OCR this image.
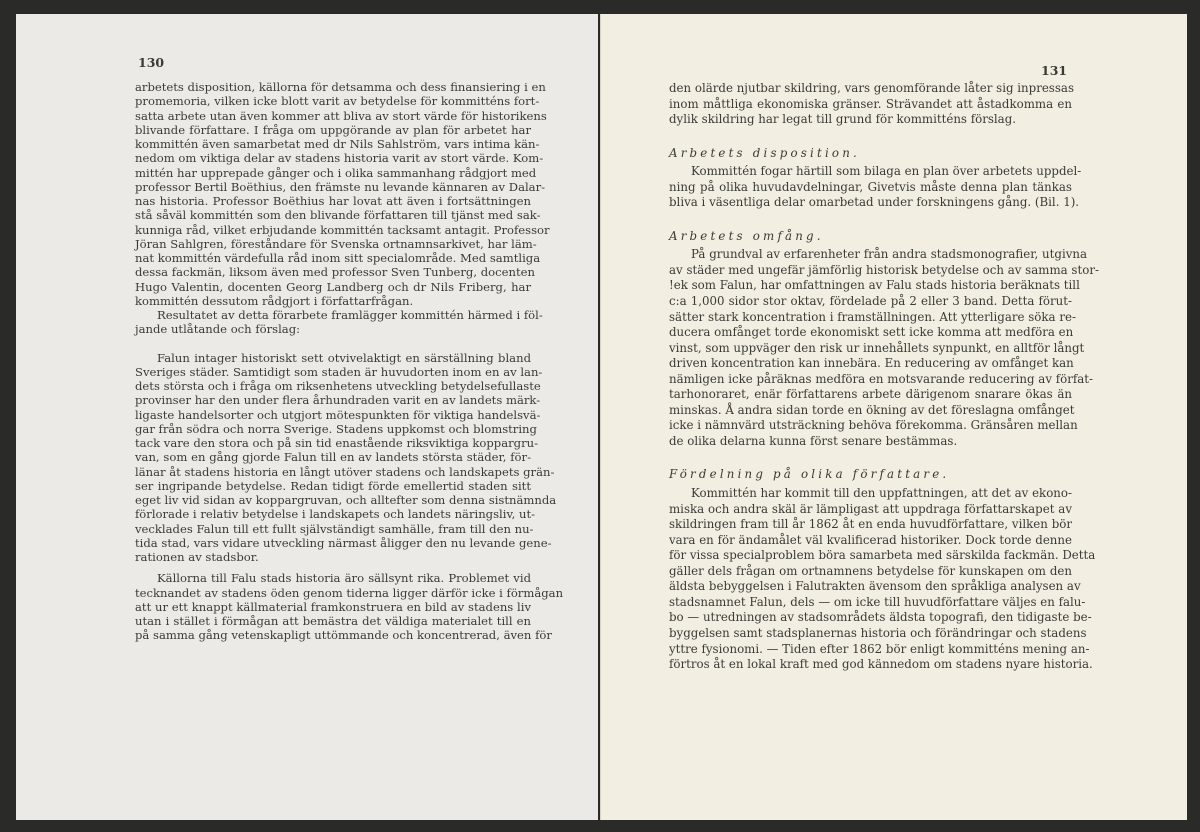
130
arbetets disposition, källorna för detsamma och dess finansiering i en
promemoria, vilken icke blott varit av betydelse för kommitténs fort-
satta arbete utan även kommer att bliva av stort värde för historikens
blivande författare. I fråga om uppgörande av plan för arbetet har
kommittén även samarbetat med dr Nils Sahlström, vars intima kän-
nedom om viktiga delar av stadens historia varit av stort värde. Kom-
mittén har upprepade gånger och i olika sammanhang rådgjort med
professor Bertil Boëthius, den främste nu levande kännaren av Dalar-
nas historia. Professor Boëthius har lovat att även i fortsättningen
stå såväl kommittén som den blivande författaren till tjänst med sak-
kunniga råd, vilket erbjudande kommittén tacksamt antagit. Professor
Jöran Sahlgren, föreståndare för Svenska ortnamnsarkivet, har läm-
nat kommittén värdefulla råd inom sitt specialområde. Med samtliga
dessa fackmän, liksom även med professor Sven Tunberg, docenten
Hugo Valentin, docenten Georg Landberg och dr Nils Friberg, har
kommittén dessutom rådgjort i författarfrågan.
Resultatet av detta förarbete framlägger kommittén härmed i föl-
jande utlåtande och förslag:
Falun intager historiskt sett otvivelaktigt en särställning bland
Sveriges städer. Samtidigt som staden är huvudorten inom en av lan-
dets största och i fråga om riksenhetens utveckling betydelsefullaste
provinser har den under flera århundraden varit en av landets märk-
ligaste handelsorter och utgjort mötespunkten för viktiga handelsvä-
gar från södra och norra Sverige. Stadens uppkomst och blomstring
tack vare den stora och på sin tid enastående riksviktiga koppargru-
van, som en gång gjorde Falun till en av landets största städer, för-
länar åt stadens historia en långt utöver stadens och landskapets grän-
ser ingripande betydelse. Redan tidigt förde emellertid staden sitt
eget liv vid sidan av koppargruvan, och alltefter som denna sistnämnda
förlorade i relativ betydelse i landskapets och landets näringsliv, ut-
vecklades Falun till ett fullt självständigt samhälle, fram till den nu-
tida stad, vars vidare utveckling närmast åligger den nu levande gene-
rationen av stadsbor.
Källorna till Falu stads historia äro sällsynt rika. Problemet vid
tecknandet av stadens öden genom tiderna ligger därför icke i förmågan
att ur ett knappt källmaterial framkonstruera en bild av stadens liv
utan i stället i förmågan att bemästra det väldiga materialet till en
på samma gång vetenskapligt uttömmande och koncentrerad, även för
131
den olärde njutbar skildring, vars genomförande låter sig inpressas
inom måttliga ekonomiska gränser. Strävandet att åstadkomma en
dylik skildring har legat till grund för kommitténs förslag.
Arbetets disposition.
Kommittén fogar härtill som bilaga en plan över arbetets uppdel-
ning på olika huvudavdelningar, Givetvis måste denna plan tänkas
bliva i väsentliga delar omarbetad under forskningens gång. (Bil. 1).
Arbetets omfång.
På grundval av erfarenheter från andra stadsmonografier, utgivna
av städer med ungefär jämförlig historisk betydelse och av samma stor-
!ek som Falun, har omfattningen av Falu stads historia beräknats till
c:a 1,000 sidor stor oktav, fördelade på 2 eller 3 band. Detta förut-
sätter stark koncentration i framställningen. Att ytterligare söka re-
ducera omfånget torde ekonomiskt sett icke komma att medföra en
vinst, som uppväger den risk ur innehållets synpunkt, en alltför långt
driven koncentration kan innebära. En reducering av omfånget kan
nämligen icke påräknas medföra en motsvarande reducering av förfat-
tarhonoraret, enär författarens arbete därigenom snarare ökas än
minskas. Å andra sidan torde en ökning av det föreslagna omfånget
icke i nämnvärd utsträckning behöva förekomma. Gränsåren mellan
de olika delarna kunna först senare bestämmas.
Fördelning på olika författare.
Kommittén har kommit till den uppfattningen, att det av ekono-
miska och andra skäl är lämpligast att uppdraga författarskapet av
skildringen fram till år 1862 åt en enda huvudförfattare, vilken bör
vara en för ändamålet väl kvalificerad historiker. Dock torde denne
för vissa specialproblem böra samarbeta med särskilda fackmän. Detta
gäller dels frågan om ortnamnens betydelse för kunskapen om den
äldsta bebyggelsen i Falutrakten ävensom den språkliga analysen av
stadsnamnet Falun, dels — om icke till huvudförfattare väljes en falu-
bo — utredningen av stadsområdets äldsta topografi, den tidigaste be-
byggelsen samt stadsplanernas historia och förändringar och stadens
yttre fysionomi. — Tiden efter 1862 bör enligt kommitténs mening an-
förtros åt en lokal kraft med god kännedom om stadens nyare historia.
